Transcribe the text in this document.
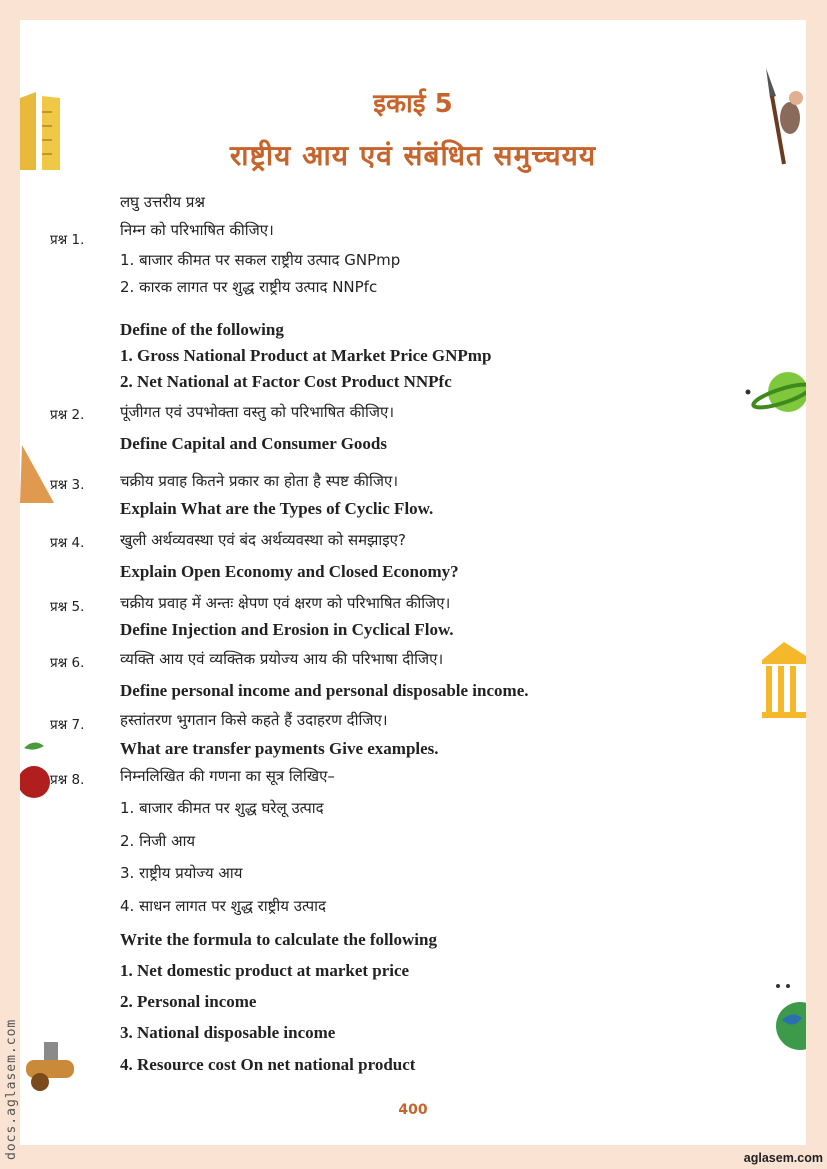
इकाई 5
राष्ट्रीय आय एवं संबंधित समुच्चयय
लघु उत्तरीय प्रश्न
प्रश्न 1.
निम्न को परिभाषित कीजिए।
1. बाजार कीमत पर सकल राष्ट्रीय उत्पाद GNPmp
2. कारक लागत पर शुद्ध राष्ट्रीय उत्पाद NNPfc
Define of the following
1. Gross National Product at Market Price GNPmp
2. Net National at Factor Cost Product NNPfc
प्रश्न 2. पूंजीगत एवं उपभोक्ता वस्तु को परिभाषित कीजिए।
Define Capital and Consumer Goods
प्रश्न 3. चक्रीय प्रवाह कितने प्रकार का होता है स्पष्ट कीजिए।
Explain What are the Types of Cyclic Flow.
प्रश्न 4. खुली अर्थव्यवस्था एवं बंद अर्थव्यवस्था को समझाइए?
Explain Open Economy and Closed Economy?
प्रश्न 5. चक्रीय प्रवाह में अन्तः क्षेपण एवं क्षरण को परिभाषित कीजिए।
Define Injection and Erosion in Cyclical Flow.
प्रश्न 6. व्यक्ति आय एवं व्यक्तिक प्रयोज्य आय की परिभाषा दीजिए।
Define personal income and personal disposable income.
प्रश्न 7. हस्तांतरण भुगतान किसे कहते हैं उदाहरण दीजिए।
What are transfer payments Give examples.
प्रश्न 8. निम्नलिखित की गणना का सूत्र लिखिए–
1. बाजार कीमत पर शुद्ध घरेलू उत्पाद
2. निजी आय
3. राष्ट्रीय प्रयोज्य आय
4. साधन लागत पर शुद्ध राष्ट्रीय उत्पाद
Write the formula to calculate the following
1. Net domestic product at market price
2. Personal income
3. National disposable income
4. Resource cost On net national product
400
docs.aglasem.com	aglasem.com
